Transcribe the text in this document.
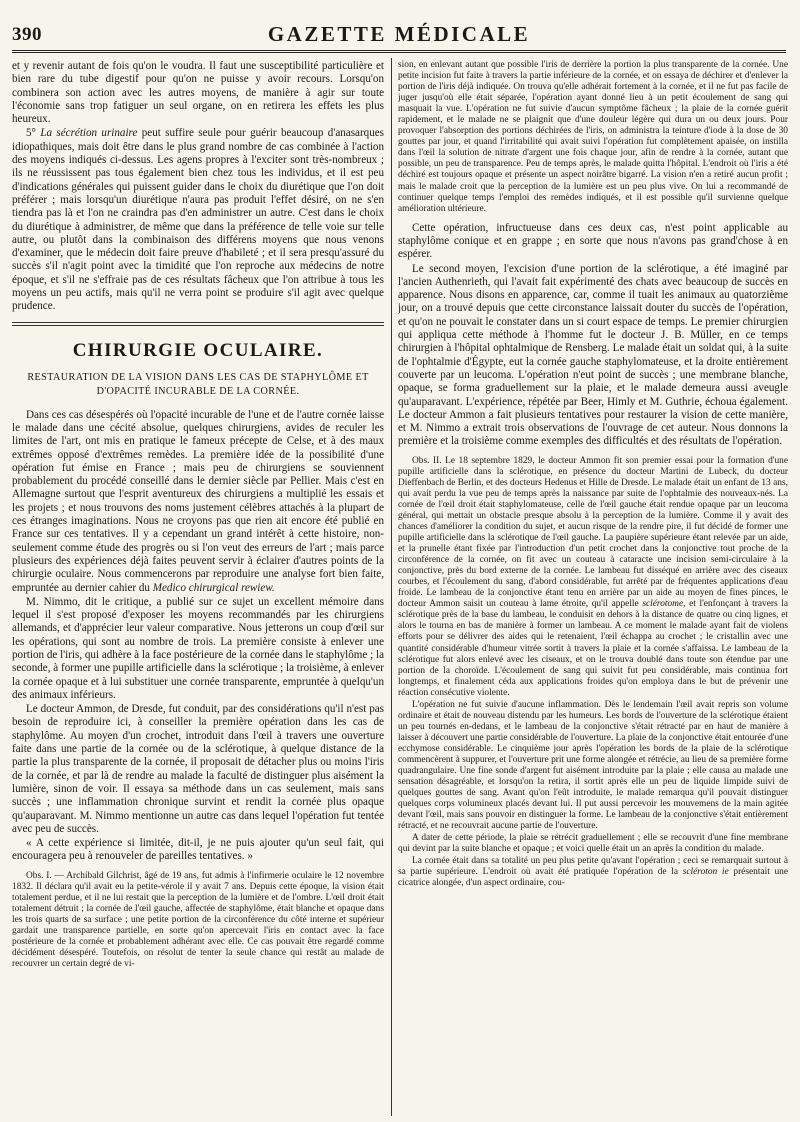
390	GAZETTE MÉDICALE

et y revenir autant de fois qu'on le voudra. Il faut une susceptibilité particulière et bien rare du tube digestif pour qu'on ne puisse y avoir recours. Lorsqu'on combinera son action avec les autres moyens, de manière à agir sur toute l'économie sans trop fatiguer un seul organe, on en retirera les effets les plus heureux.

5° La sécrétion urinaire peut suffire seule pour guérir beaucoup d'anasarques idiopathiques, mais doit être dans le plus grand nombre de cas combinée à l'action des moyens indiqués ci-dessus. Les agens propres à l'exciter sont très-nombreux ; ils ne réussissent pas tous également bien chez tous les individus, et il est peu d'indications générales qui puissent guider dans le choix du diurétique que l'on doit préférer ; mais lorsqu'un diurétique n'aura pas produit l'effet désiré, on ne s'en tiendra pas là et l'on ne craindra pas d'en administrer un autre. C'est dans le choix du diurétique à administrer, de même que dans la préférence de telle voie sur telle autre, ou plutôt dans la combinaison des différens moyens que nous venons d'examiner, que le médecin doit faire preuve d'habileté ; et il sera presqu'assuré du succès s'il n'agit point avec la timidité que l'on reproche aux médecins de notre époque, et s'il ne s'effraie pas de ces résultats fâcheux que l'on attribue à tous les moyens un peu actifs, mais qu'il ne verra point se produire s'il agit avec quelque prudence.

CHIRURGIE OCULAIRE.
RESTAURATION DE LA VISION DANS LES CAS DE STAPHYLÔME ET D'OPACITÉ INCURABLE DE LA CORNÉE.

Dans ces cas désespérés où l'opacité incurable de l'une et de l'autre cornée laisse le malade dans une cécité absolue, quelques chirurgiens, avides de reculer les limites de l'art, ont mis en pratique le fameux précepte de Celse, et à des maux extrêmes opposé d'extrêmes remèdes. La première idée de la possibilité d'une opération fut émise en France ; mais peu de chirurgiens se souviennent probablement du procédé conseillé dans le dernier siècle par Pellier. Mais c'est en Allemagne surtout que l'esprit aventureux des chirurgiens a multiplié les essais et les projets ; et nous trouvons des noms justement célèbres attachés à la plupart de ces étranges imaginations. Nous ne croyons pas que rien ait encore été publié en France sur ces tentatives. Il y a cependant un grand intérêt à cette histoire, non-seulement comme étude des progrès ou si l'on veut des erreurs de l'art ; mais parce plusieurs des expériences déjà faites peuvent servir à éclairer d'autres points de la chirurgie oculaire. Nous commencerons par reproduire une analyse fort bien faite, empruntée au dernier cahier du Medico chirurgical rewiew.

M. Nimmo, dit le critique, a publié sur ce sujet un excellent mémoire dans lequel il s'est proposé d'exposer les moyens recommandés par les chirurgiens allemands, et d'apprécier leur valeur comparative. Nous jetterons un coup d'œil sur les opérations, qui sont au nombre de trois. La première consiste à enlever une portion de l'iris, qui adhère à la face postérieure de la cornée dans le staphylôme ; la seconde, à former une pupille artificielle dans la sclérotique ; la troisième, à enlever la cornée opaque et à lui substituer une cornée transparente, empruntée à quelqu'un des animaux inférieurs.

Le docteur Ammon, de Dresde, fut conduit, par des considérations qu'il n'est pas besoin de reproduire ici, à conseiller la première opération dans les cas de staphylôme. Au moyen d'un crochet, introduit dans l'œil à travers une ouverture faite dans une partie de la cornée ou de la sclérotique, à quelque distance de la partie la plus transparente de la cornée, il proposait de détacher plus ou moins l'iris de la cornée, et par là de rendre au malade la faculté de distinguer plus aisément la lumière, sinon de voir. Il essaya sa méthode dans un cas seulement, mais sans succès ; une inflammation chronique survint et rendit la cornée plus opaque qu'auparavant. M. Nimmo mentionne un autre cas dans lequel l'opération fut tentée avec peu de succès.

« A cette expérience si limitée, dit-il, je ne puis ajouter qu'un seul fait, qui encouragera peu à renouveler de pareilles tentatives. »

Obs. I. — Archibald Gilchrist, âgé de 19 ans, fut admis à l'infirmerie oculaire le 12 novembre 1832. Il déclara qu'il avait eu la petite-vérole il y avait 7 ans. Depuis cette époque, la vision était totalement perdue, et il ne lui restait que la perception de la lumière et de l'ombre. L'œil droit était totalement détruit ; la cornée de l'œil gauche, affectée de staphylôme, était blanche et opaque dans les trois quarts de sa surface ; une petite portion de la circonférence du côté interne et supérieur gardait une transparence partielle, en sorte qu'on apercevait l'iris en contact avec la face postérieure de la cornée et probablement adhérant avec elle. Ce cas pouvait être regardé comme décidément désespéré. Toutefois, on résolut de tenter la seule chance qui restât au malade de recouvrer un certain degré de vi-

sion, en enlevant autant que possible l'iris de derrière la portion la plus transparente de la cornée. Une petite incision fut faite à travers la partie inférieure de la cornée, et on essaya de déchirer et d'enlever la portion de l'iris déjà indiquée. On trouva qu'elle adhérait fortement à la cornée, et il ne fut pas facile de juger jusqu'où elle était séparée, l'opération ayant donné lieu à un petit écoulement de sang qui masquait la vue. L'opération ne fut suivie d'aucun symptôme fâcheux ; la plaie de la cornée guérit rapidement, et le malade ne se plaignit que d'une douleur légère qui dura un ou deux jours. Pour provoquer l'absorption des portions déchirées de l'iris, on administra la teinture d'iode à la dose de 30 gouttes par jour, et quand l'irritabilité qui avait suivi l'opération fut complètement apaisée, on instilla dans l'œil la solution de nitrate d'argent une fois chaque jour, afin de rendre à la cornée, autant que possible, un peu de transparence. Peu de temps après, le malade quitta l'hôpital. L'endroit où l'iris a été déchiré est toujours opaque et présente un aspect noirâtre bigarré. La vision n'en a retiré aucun profit ; mais le malade croit que la perception de la lumière est un peu plus vive. On lui a recommandé de continuer quelque temps l'emploi des remèdes indiqués, et il est possible qu'il survienne quelque amélioration ultérieure.

Cette opération, infructueuse dans ces deux cas, n'est point applicable au staphylôme conique et en grappe ; en sorte que nous n'avons pas grand'chose à en espérer.

Le second moyen, l'excision d'une portion de la sclérotique, a été imaginé par l'ancien Authenrieth, qui l'avait fait expérimenté des chats avec beaucoup de succès en apparence. Nous disons en apparence, car, comme il tuait les animaux au quatorzième jour, on a trouvé depuis que cette circonstance laissait douter du succès de l'opération, et qu'on ne pouvait le constater dans un si court espace de temps. Le premier chirurgien qui appliqua cette méthode à l'homme fut le docteur J. B. Müller, en ce temps chirurgien à l'hôpital ophtalmique de Rensberg. Le malade était un soldat qui, à la suite de l'ophtalmie d'Égypte, eut la cornée gauche staphylomateuse, et la droite entièrement couverte par un leucoma. L'opération n'eut point de succès ; une membrane blanche, opaque, se forma graduellement sur la plaie, et le malade demeura aussi aveugle qu'auparavant. L'expérience, répétée par Beer, Himly et M. Guthrie, échoua également. Le docteur Ammon a fait plusieurs tentatives pour restaurer la vision de cette manière, et M. Nimmo a extrait trois observations de l'ouvrage de cet auteur. Nous donnons la première et la troisième comme exemples des difficultés et des résultats de l'opération.

Obs. II. Le 18 septembre 1829, le docteur Ammon fit son premier essai pour la formation d'une pupille artificielle dans la sclérotique, en présence du docteur Martini de Lubeck, du docteur Dieffenbach de Berlin, et des docteurs Hedenus et Hille de Dresde. Le malade était un enfant de 13 ans, qui avait perdu la vue peu de temps après la naissance par suite de l'ophtalmie des nouveaux-nés. La cornée de l'œil droit était staphylomateuse, celle de l'œil gauche était rendue opaque par un leucoma général, qui mettait un obstacle presque absolu à la perception de la lumière. Comme il y avait des chances d'améliorer la condition du sujet, et aucun risque de la rendre pire, il fut décidé de former une pupille artificielle dans la sclérotique de l'œil gauche. La paupière supérieure étant relevée par un aide, et la prunelle étant fixée par l'introduction d'un petit crochet dans la conjonctive tout proche de la circonférence de la cornée, on fit avec un couteau à cataracte une incision semi-circulaire à la conjonctive, près du bord externe de la cornée. Le lambeau fut disséqué en arrière avec des ciseaux courbes, et l'écoulement du sang, d'abord considérable, fut arrêté par de fréquentes applications d'eau froide. Le lambeau de la conjonctive étant tenu en arrière par un aide au moyen de fines pinces, le docteur Ammon saisit un couteau à lame étroite, qu'il appelle sclérotome, et l'enfonçant à travers la sclérotique près de la base du lambeau, le conduisit en dehors à la distance de quatre ou cinq lignes, et alors le tourna en bas de manière à former un lambeau. A ce moment le malade ayant fait de violens efforts pour se délivrer des aides qui le retenaient, l'œil échappa au crochet ; le cristallin avec une quantité considérable d'humeur vitrée sortit à travers la plaie et la cornée s'affaissa. Le lambeau de la sclérotique fut alors enlevé avec les ciseaux, et on le trouva doublé dans toute son étendue par une portion de la choroïde. L'écoulement de sang qui suivit fut peu considérable, mais continua fort longtemps, et finalement céda aux applications froides qu'on employa dans le but de prévenir une réaction consécutive violente.

L'opération ne fut suivie d'aucune inflammation. Dès le lendemain l'œil avait repris son volume ordinaire et était de nouveau distendu par les humeurs. Les bords de l'ouverture de la sclérotique étaient un peu tournés en-dedans, et le lambeau de la conjonctive s'était rétracté par en haut de manière à laisser à découvert une partie considérable de l'ouverture. La plaie de la conjonctive était entourée d'une ecchymose considérable. Le cinquième jour après l'opération les bords de la plaie de la sclérotique commencèrent à suppurer, et l'ouverture prit une forme alongée et rétrécie, au lieu de sa première forme quadrangulaire. Une fine sonde d'argent fut aisément introduite par la plaie ; elle causa au malade une sensation désagréable, et lorsqu'on la retira, il sortit après elle un peu de liquide limpide suivi de quelques gouttes de sang. Avant qu'on l'eût introduite, le malade remarqua qu'il pouvait distinguer quelques corps volumineux placés devant lui. Il put aussi percevoir les mouvemens de la main agitée devant l'œil, mais sans pouvoir en distinguer la forme. Le lambeau de la conjonctive s'était entièrement rétracté, et ne recouvrait aucune partie de l'ouverture.

A dater de cette période, la plaie se rétrécit graduellement ; elle se recouvrit d'une fine membrane qui devint par la suite blanche et opaque ; et voici quelle était un an après la condition du malade.

La cornée était dans sa totalité un peu plus petite qu'avant l'opération ; ceci se remarquait surtout à sa partie supérieure. L'endroit où avait été pratiquée l'opération de la scléroton ie présentait une cicatrice alongée, d'un aspect ordinaire, cou-
